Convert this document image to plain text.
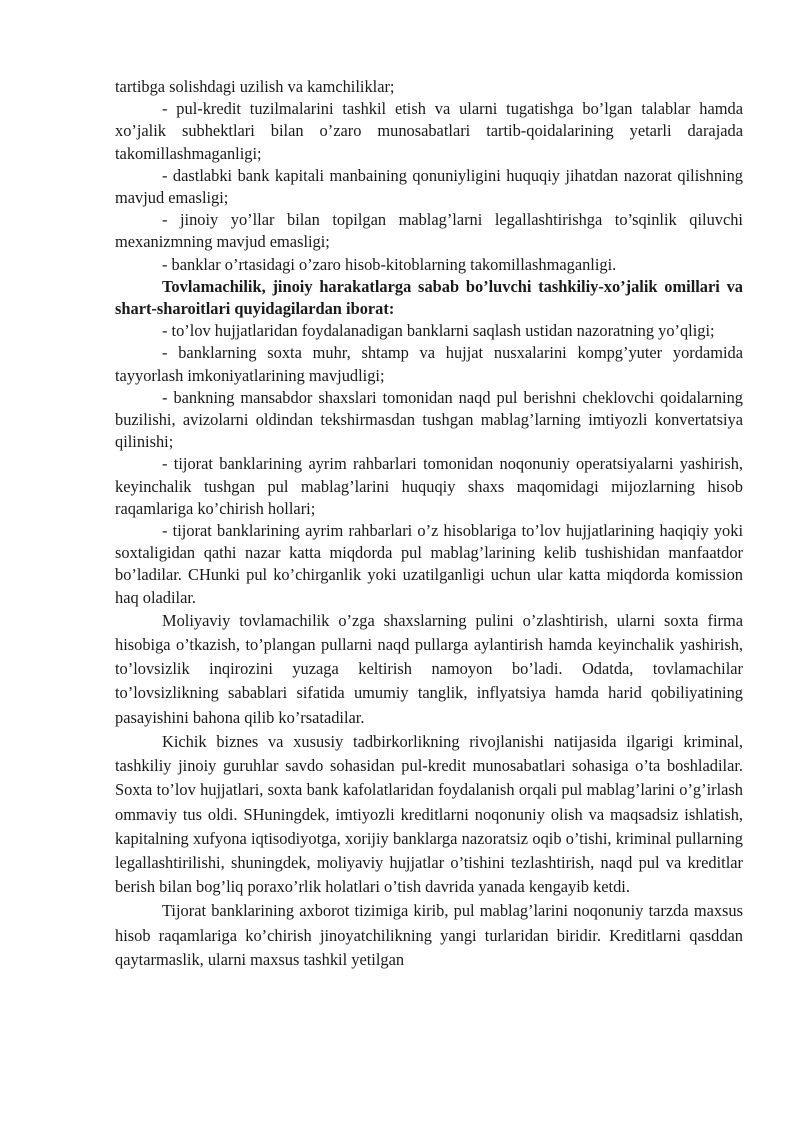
tartibga solishdagi uzilish va kamchiliklar;

- pul-kredit tuzilmalarini tashkil etish va ularni tugatishga bo’lgan talablar hamda xo’jalik subhektlari bilan o’zaro munosabatlari tartib-qoidalarining yetarli darajada takomillashmaganligi;

- dastlabki bank kapitali manbaining qonuniyligini huquqiy jihatdan nazorat qilishning mavjud emasligi;

- jinoiy yo’llar bilan topilgan mablag’larni legallashtirishga to’sqinlik qiluvchi mexanizmning mavjud emasligi;

- banklar o’rtasidagi o’zaro hisob-kitoblarning takomillashmaganligi.

Tovlamachilik, jinoiy harakatlarga sabab bo’luvchi tashkiliy-xo’jalik omillari va shart-sharoitlari quyidagilardan iborat:

- to’lov hujjatlaridan foydalanadigan banklarni saqlash ustidan nazoratning yo’qligi;

- banklarning soxta muhr, shtamp va hujjat nusxalarini kompg’yuter yordamida tayyorlash imkoniyatlarining mavjudligi;

- bankning mansabdor shaxslari tomonidan naqd pul berishni cheklovchi qoidalarning buzilishi, avizolarni oldindan tekshirmasdan tushgan mablag’larning imtiyozli konvertatsiya qilinishi;

- tijorat banklarining ayrim rahbarlari tomonidan noqonuniy operatsiyalarni yashirish, keyinchalik tushgan pul mablag’larini huquqiy shaxs maqomidagi mijozlarning hisob raqamlariga ko’chirish hollari;

- tijorat banklarining ayrim rahbarlari o’z hisoblariga to’lov hujjatlarining haqiqiy yoki soxtaligidan qathi nazar katta miqdorda pul mablag’larining kelib tushishidan manfaatdor bo’ladilar. CHunki pul ko’chirganlik yoki uzatilganligi uchun ular katta miqdorda komission haq oladilar.

Moliyaviy tovlamachilik o’zga shaxslarning pulini o’zlashtirish, ularni soxta firma hisobiga o’tkazish, to’plangan pullarni naqd pullarga aylantirish hamda keyinchalik yashirish, to’lovsizlik inqirozini yuzaga keltirish namoyon bo’ladi. Odatda, tovlamachilar to’lovsizlikning sabablari sifatida umumiy tanglik, inflyatsiya hamda harid qobiliyatining pasayishini bahona qilib ko’rsatadilar.

Kichik biznes va xususiy tadbirkorlikning rivojlanishi natijasida ilgarigi kriminal, tashkiliy jinoiy guruhlar savdo sohasidan pul-kredit munosabatlari sohasiga o’ta boshladilar. Soxta to’lov hujjatlari, soxta bank kafolatlaridan foydalanish orqali pul mablag’larini o’g’irlash ommaviy tus oldi. SHuningdek, imtiyozli kreditlarni noqonuniy olish va maqsadsiz ishlatish, kapitalning xufyona iqtisodiyotga, xorijiy banklarga nazoratsiz oqib o’tishi, kriminal pullarning legallashtirilishi, shuningdek, moliyaviy hujjatlar o’tishini tezlashtirish, naqd pul va kreditlar berish bilan bog’liq poraxo’rlik holatlari o’tish davrida yanada kengayib ketdi.

Tijorat banklarining axborot tizimiga kirib, pul mablag’larini noqonuniy tarzda maxsus hisob raqamlariga ko’chirish jinoyatchilikning yangi turlaridan biridir. Kreditlarni qasddan qaytarmaslik, ularni maxsus tashkil yetilgan
